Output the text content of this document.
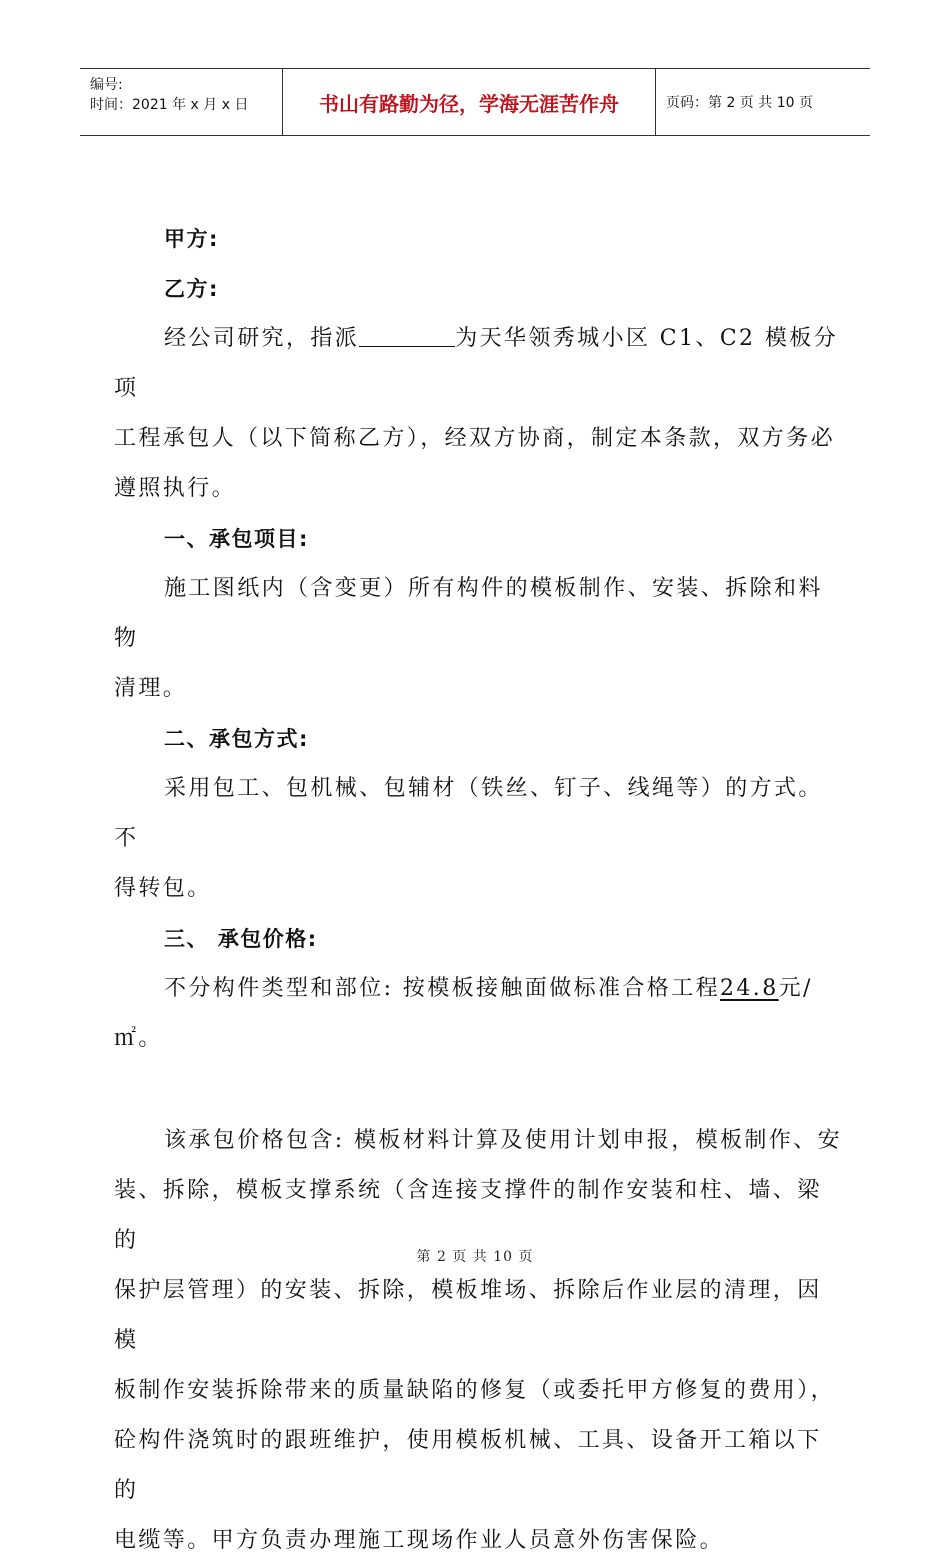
编号:
时间：2021 年 x 月 x 日	书山有路勤为径，学海无涯苦作舟	页码：第 2 页 共 10 页

甲方:

乙方:

经公司研究，指派	为天华领秀城小区 C1、C2 模板分项

工程承包人（以下简称乙方），经双方协商，制定本条款，双方务必

遵照执行。

一、承包项目:

施工图纸内（含变更）所有构件的模板制作、安装、拆除和料物

清理。

二、承包方式:

采用包工、包机械、包辅材（铁丝、钉子、线绳等）的方式。不

得转包。

三、 承包价格:

不分构件类型和部位: 按模板接触面做标准合格工程24.8元/㎡。

该承包价格包含: 模板材料计算及使用计划申报，模板制作、安

装、拆除，模板支撑系统（含连接支撑件的制作安装和柱、墙、梁的

保护层管理）的安装、拆除，模板堆场、拆除后作业层的清理，因模

板制作安装拆除带来的质量缺陷的修复（或委托甲方修复的费用），

砼构件浇筑时的跟班维护，使用模板机械、工具、设备开工箱以下的

电缆等。甲方负责办理施工现场作业人员意外伤害保险。

第 2 页 共 10 页
